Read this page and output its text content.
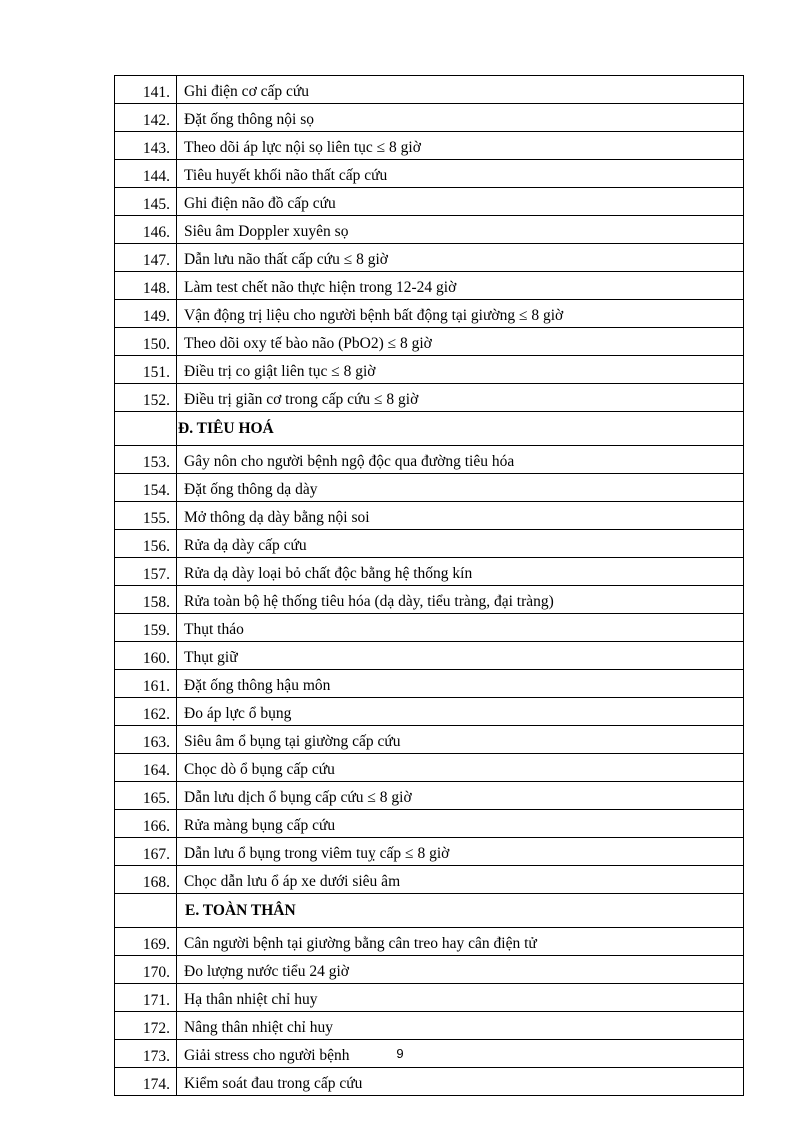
141.	Ghi điện cơ cấp cứu
142.	Đặt ống thông nội sọ
143.	Theo dõi áp lực nội sọ liên tục ≤ 8 giờ
144.	Tiêu huyết khối não thất cấp cứu
145.	Ghi điện não đồ cấp cứu
146.	Siêu âm Doppler xuyên sọ
147.	Dẫn lưu não thất cấp cứu ≤ 8 giờ
148.	Làm test chết não thực hiện trong 12-24 giờ
149.	Vận động trị liệu cho người bệnh bất động tại giường ≤ 8 giờ
150.	Theo dõi oxy tế bào não (PbO2) ≤ 8 giờ
151.	Điều trị co giật liên tục ≤ 8 giờ
152.	Điều trị giãn cơ trong cấp cứu ≤ 8 giờ
	Đ. TIÊU HOÁ
153.	Gây nôn cho người bệnh ngộ độc qua đường tiêu hóa
154.	Đặt ống thông dạ dày
155.	Mở thông dạ dày bằng nội soi
156.	Rửa dạ dày cấp cứu
157.	Rửa dạ dày loại bỏ chất độc bằng hệ thống kín
158.	Rửa toàn bộ hệ thống tiêu hóa (dạ dày, tiểu tràng, đại tràng)
159.	Thụt tháo
160.	Thụt giữ
161.	Đặt ống thông hậu môn
162.	Đo áp lực ổ bụng
163.	Siêu âm ổ bụng tại giường cấp cứu
164.	Chọc dò ổ bụng cấp cứu
165.	Dẫn lưu dịch ổ bụng cấp cứu ≤ 8 giờ
166.	Rửa màng bụng cấp cứu
167.	Dẫn lưu ổ bụng trong viêm tuỵ cấp ≤ 8 giờ
168.	Chọc dẫn lưu ổ áp xe dưới siêu âm
	E. TOÀN THÂN
169.	Cân người bệnh tại giường bằng cân treo hay cân điện tử
170.	Đo lượng nước tiểu 24 giờ
171.	Hạ thân nhiệt chỉ huy
172.	Nâng thân nhiệt chỉ huy
173.	Giải stress cho người bệnh
174.	Kiểm soát đau trong cấp cứu
9
